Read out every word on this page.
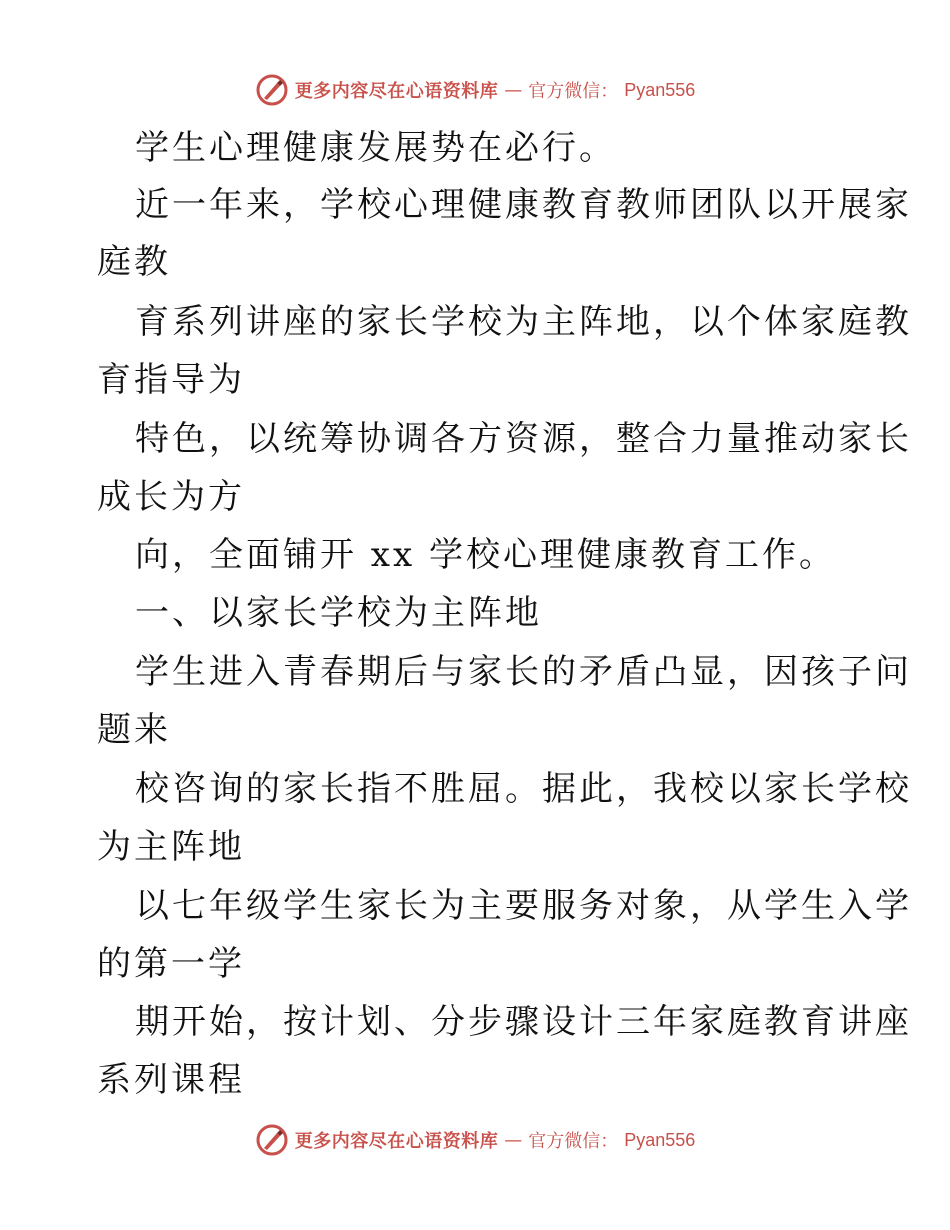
更多内容尽在心语资料库 — 官方微信： Pyan556
学生心理健康发展势在必行。
近一年来，学校心理健康教育教师团队以开展家
庭教
育系列讲座的家长学校为主阵地，以个体家庭教
育指导为
特色，以统筹协调各方资源，整合力量推动家长
成长为方
向，全面铺开 xx 学校心理健康教育工作。
一、以家长学校为主阵地
学生进入青春期后与家长的矛盾凸显，因孩子问
题来
校咨询的家长指不胜屈。据此，我校以家长学校
为主阵地
以七年级学生家长为主要服务对象，从学生入学
的第一学
期开始，按计划、分步骤设计三年家庭教育讲座
系列课程
更多内容尽在心语资料库 — 官方微信： Pyan556
